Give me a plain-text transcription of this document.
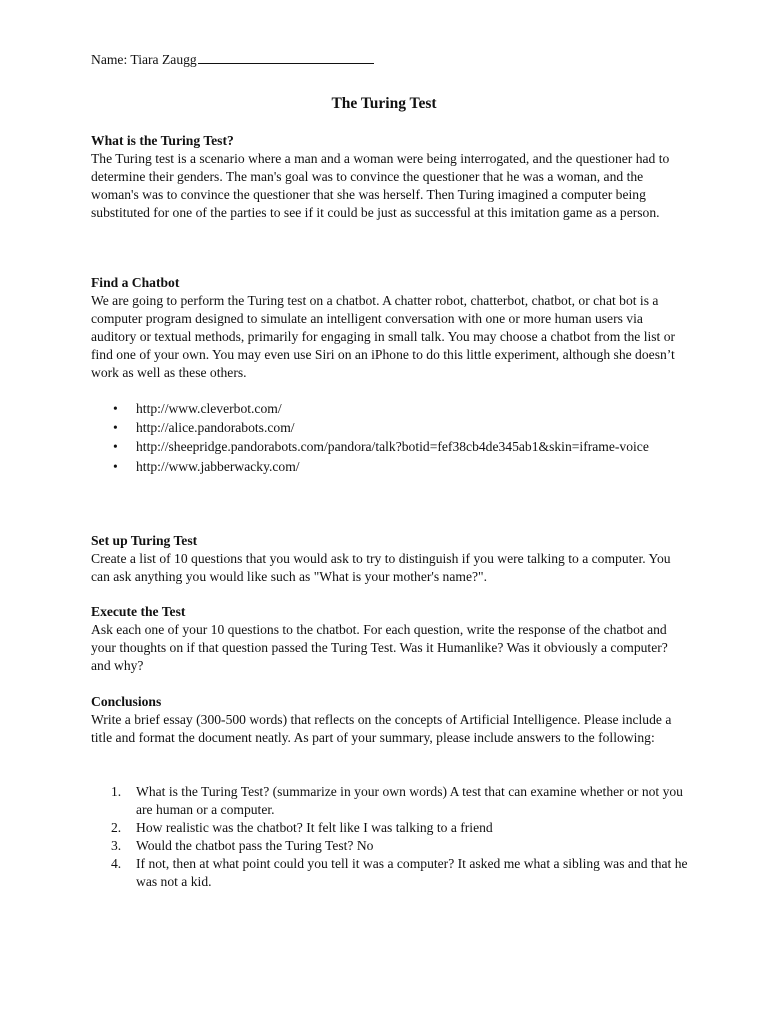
Name: Tiara Zaugg
The Turing Test
What is the Turing Test?

The Turing test is a scenario where a man and a woman were being interrogated, and the questioner had to determine their genders. The man's goal was to convince the questioner that he was a woman, and the woman's was to convince the questioner that she was herself. Then Turing imagined a computer being substituted for one of the parties to see if it could be just as successful at this imitation game as a person.

Find a Chatbot

We are going to perform the Turing test on a chatbot. A chatter robot, chatterbot, chatbot, or chat bot is a computer program designed to simulate an intelligent conversation with one or more human users via auditory or textual methods, primarily for engaging in small talk. You may choose a chatbot from the list or find one of your own. You may even use Siri on an iPhone to do this little experiment, although she doesn’t work as well as these others.

• http://www.cleverbot.com/
• http://alice.pandorabots.com/
• http://sheepridge.pandorabots.com/pandora/talk?botid=fef38cb4de345ab1&skin=iframe-voice
• http://www.jabberwacky.com/
Set up Turing Test

Create a list of 10 questions that you would ask to try to distinguish if you were talking to a computer. You can ask anything you would like such as "What is your mother's name?".

Execute the Test

Ask each one of your 10 questions to the chatbot. For each question, write the response of the chatbot and your thoughts on if that question passed the Turing Test. Was it Humanlike? Was it obviously a computer? and why?

Conclusions

Write a brief essay (300-500 words) that reflects on the concepts of Artificial Intelligence. Please include a title and format the document neatly. As part of your summary, please include answers to the following:

1. What is the Turing Test? (summarize in your own words) A test that can examine whether or not you are human or a computer.
2. How realistic was the chatbot? It felt like I was talking to a friend
3. Would the chatbot pass the Turing Test? No
4. If not, then at what point could you tell it was a computer? It asked me what a sibling was and that he was not a kid.
